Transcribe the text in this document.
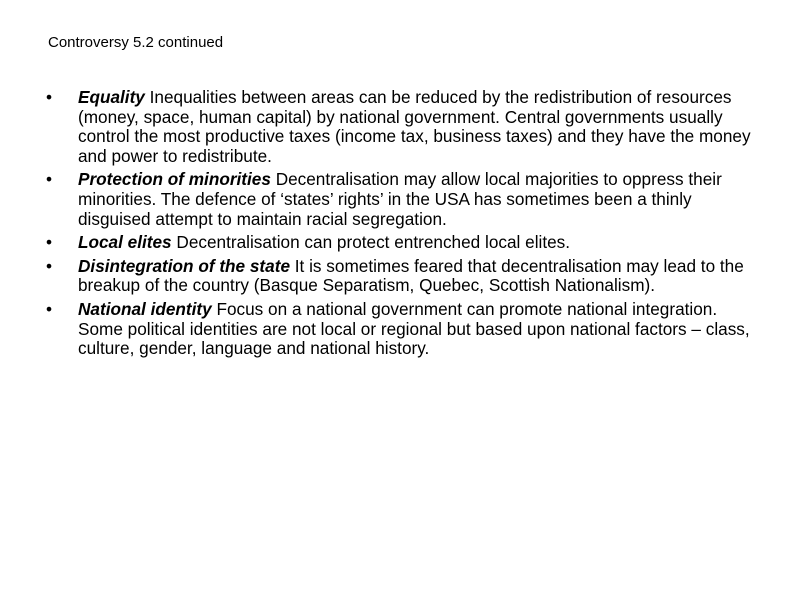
Controversy 5.2 continued
• Equality Inequalities between areas can be reduced by the redistribution of resources (money, space, human capital) by national government. Central governments usually control the most productive taxes (income tax, business taxes) and they have the money and power to redistribute.
• Protection of minorities Decentralisation may allow local majorities to oppress their minorities. The defence of ‘states’ rights’ in the USA has sometimes been a thinly disguised attempt to maintain racial segregation.
• Local elites Decentralisation can protect entrenched local elites.
• Disintegration of the state It is sometimes feared that decentralisation may lead to the breakup of the country (Basque Separatism, Quebec, Scottish Nationalism).
• National identity Focus on a national government can promote national integration. Some political identities are not local or regional but based upon national factors – class, culture, gender, language and national history.
